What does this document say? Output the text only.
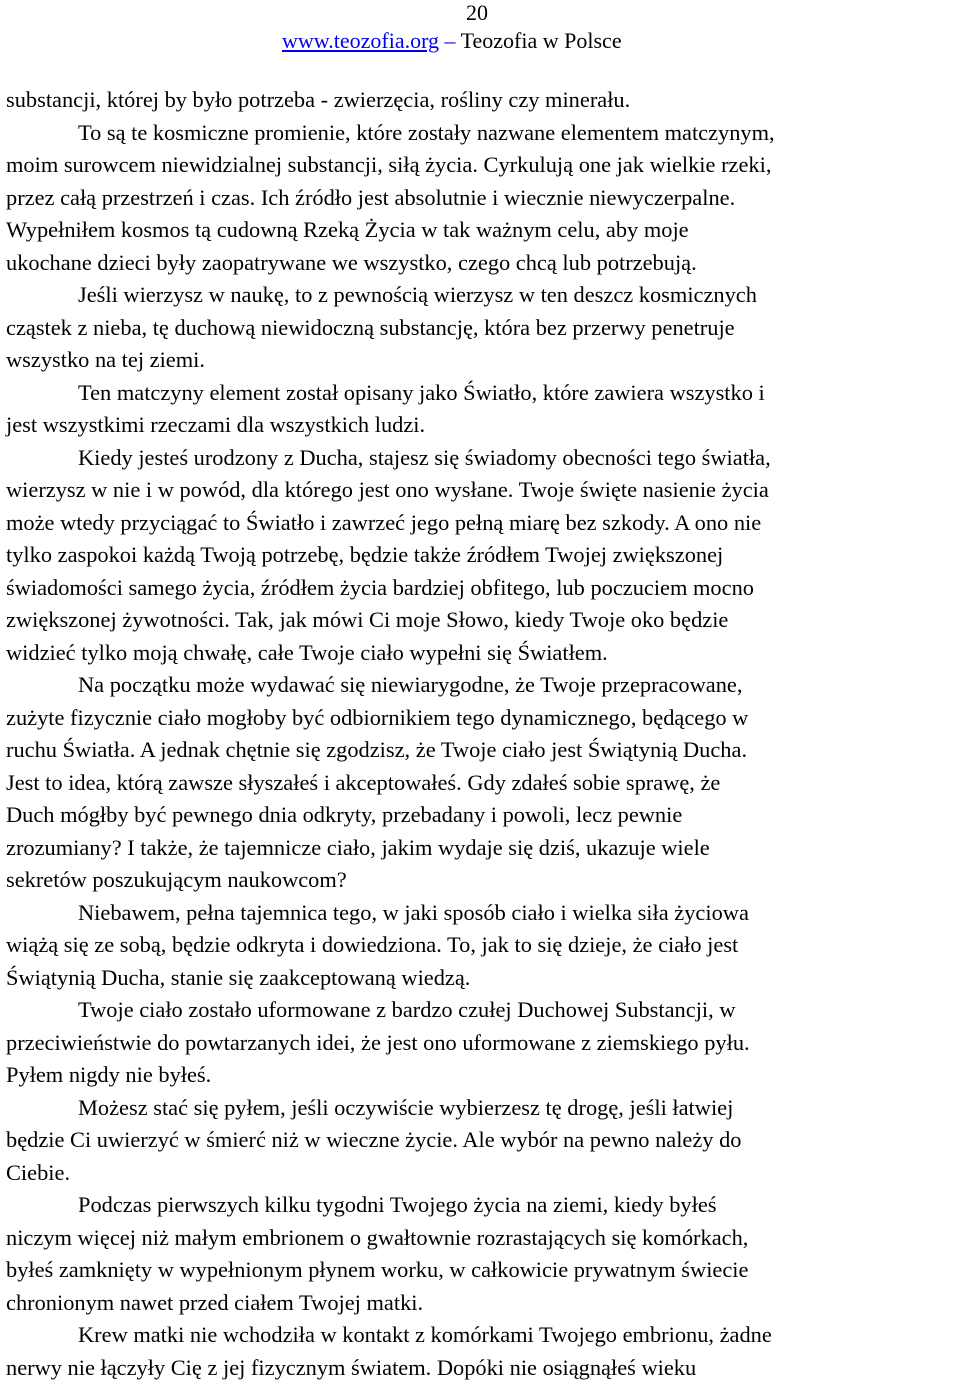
20
www.teozofia.org – Teozofia w Polsce
substancji, której by było potrzeba - zwierzęcia, rośliny czy minerału.
To są te kosmiczne promienie, które zostały nazwane elementem matczynym,
moim surowcem niewidzialnej substancji, siłą życia. Cyrkulują one jak wielkie rzeki,
przez całą przestrzeń i czas. Ich źródło jest absolutnie i wiecznie niewyczerpalne.
Wypełniłem kosmos tą cudowną Rzeką Życia w tak ważnym celu, aby moje
ukochane dzieci były zaopatrywane we wszystko, czego chcą lub potrzebują.
Jeśli wierzysz w naukę, to z pewnością wierzysz w ten deszcz kosmicznych
cząstek z nieba, tę duchową niewidoczną substancję, która bez przerwy penetruje
wszystko na tej ziemi.
Ten matczyny element został opisany jako Światło, które zawiera wszystko i
jest wszystkimi rzeczami dla wszystkich ludzi.
Kiedy jesteś urodzony z Ducha, stajesz się świadomy obecności tego światła,
wierzysz w nie i w powód, dla którego jest ono wysłane. Twoje święte nasienie życia
może wtedy przyciągać to Światło i zawrzeć jego pełną miarę bez szkody. A ono nie
tylko zaspokoi każdą Twoją potrzebę, będzie także źródłem Twojej zwiększonej
świadomości samego życia, źródłem życia bardziej obfitego, lub poczuciem mocno
zwiększonej żywotności. Tak, jak mówi Ci moje Słowo, kiedy Twoje oko będzie
widzieć tylko moją chwałę, całe Twoje ciało wypełni się Światłem.
Na początku może wydawać się niewiarygodne, że Twoje przepracowane,
zużyte fizycznie ciało mogłoby być odbiornikiem tego dynamicznego, będącego w
ruchu Światła. A jednak chętnie się zgodzisz, że Twoje ciało jest Świątynią Ducha.
Jest to idea, którą zawsze słyszałeś i akceptowałeś. Gdy zdałeś sobie sprawę, że
Duch mógłby być pewnego dnia odkryty, przebadany i powoli, lecz pewnie
zrozumiany? I także, że tajemnicze ciało, jakim wydaje się dziś, ukazuje wiele
sekretów poszukującym naukowcom?
Niebawem, pełna tajemnica tego, w jaki sposób ciało i wielka siła życiowa
wiążą się ze sobą, będzie odkryta i dowiedziona. To, jak to się dzieje, że ciało jest
Świątynią Ducha, stanie się zaakceptowaną wiedzą.
Twoje ciało zostało uformowane z bardzo czułej Duchowej Substancji, w
przeciwieństwie do powtarzanych idei, że jest ono uformowane z ziemskiego pyłu.
Pyłem nigdy nie byłeś.
Możesz stać się pyłem, jeśli oczywiście wybierzesz tę drogę, jeśli łatwiej
będzie Ci uwierzyć w śmierć niż w wieczne życie. Ale wybór na pewno należy do
Ciebie.
Podczas pierwszych kilku tygodni Twojego życia na ziemi, kiedy byłeś
niczym więcej niż małym embrionem o gwałtownie rozrastających się komórkach,
byłeś zamknięty w wypełnionym płynem worku, w całkowicie prywatnym świecie
chronionym nawet przed ciałem Twojej matki.
Krew matki nie wchodziła w kontakt z komórkami Twojego embrionu, żadne
nerwy nie łączyły Cię z jej fizycznym światem. Dopóki nie osiągnąłeś wieku
